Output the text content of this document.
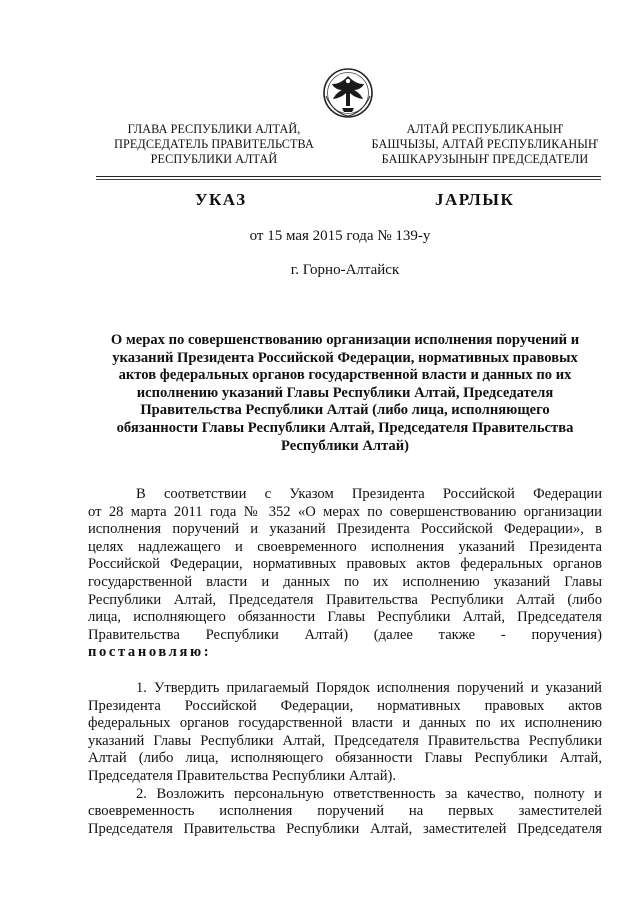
ГЛАВА РЕСПУБЛИКИ АЛТАЙ,
ПРЕДСЕДАТЕЛЬ ПРАВИТЕЛЬСТВА
РЕСПУБЛИКИ АЛТАЙ
АЛТАЙ РЕСПУБЛИКАНЫҤ
БАШЧЫЗЫ, АЛТАЙ РЕСПУБЛИКАНЫҤ
БАШКАРУЗЫНЫҤ ПРЕДСЕДАТЕЛИ
УКАЗ	JАРЛЫК
от 15 мая 2015 года № 139-у
г. Горно-Алтайск
О мерах по совершенствованию организации исполнения поручений и
указаний Президента Российской Федерации, нормативных правовых
актов федеральных органов государственной власти и данных по их
исполнению указаний Главы Республики Алтай, Председателя
Правительства Республики Алтай (либо лица, исполняющего
обязанности Главы Республики Алтай, Председателя Правительства
Республики Алтай)
В соответствии с Указом Президента Российской Федерации
от 28 марта 2011 года № 352 «О мерах по совершенствованию организации
исполнения поручений и указаний Президента Российской Федерации», в
целях надлежащего и своевременного исполнения указаний Президента
Российской Федерации, нормативных правовых актов федеральных органов
государственной власти и данных по их исполнению указаний Главы
Республики Алтай, Председателя Правительства Республики Алтай (либо
лица, исполняющего обязанности Главы Республики Алтай, Председателя
Правительства Республики Алтай) (далее также - поручения)
постановляю:
1. Утвердить прилагаемый Порядок исполнения поручений и указаний
Президента Российской Федерации, нормативных правовых актов
федеральных органов государственной власти и данных по их исполнению
указаний Главы Республики Алтай, Председателя Правительства Республики
Алтай (либо лица, исполняющего обязанности Главы Республики Алтай,
Председателя Правительства Республики Алтай).
2. Возложить персональную ответственность за качество, полноту и
своевременность исполнения поручений на первых заместителей
Председателя Правительства Республики Алтай, заместителей Председателя
